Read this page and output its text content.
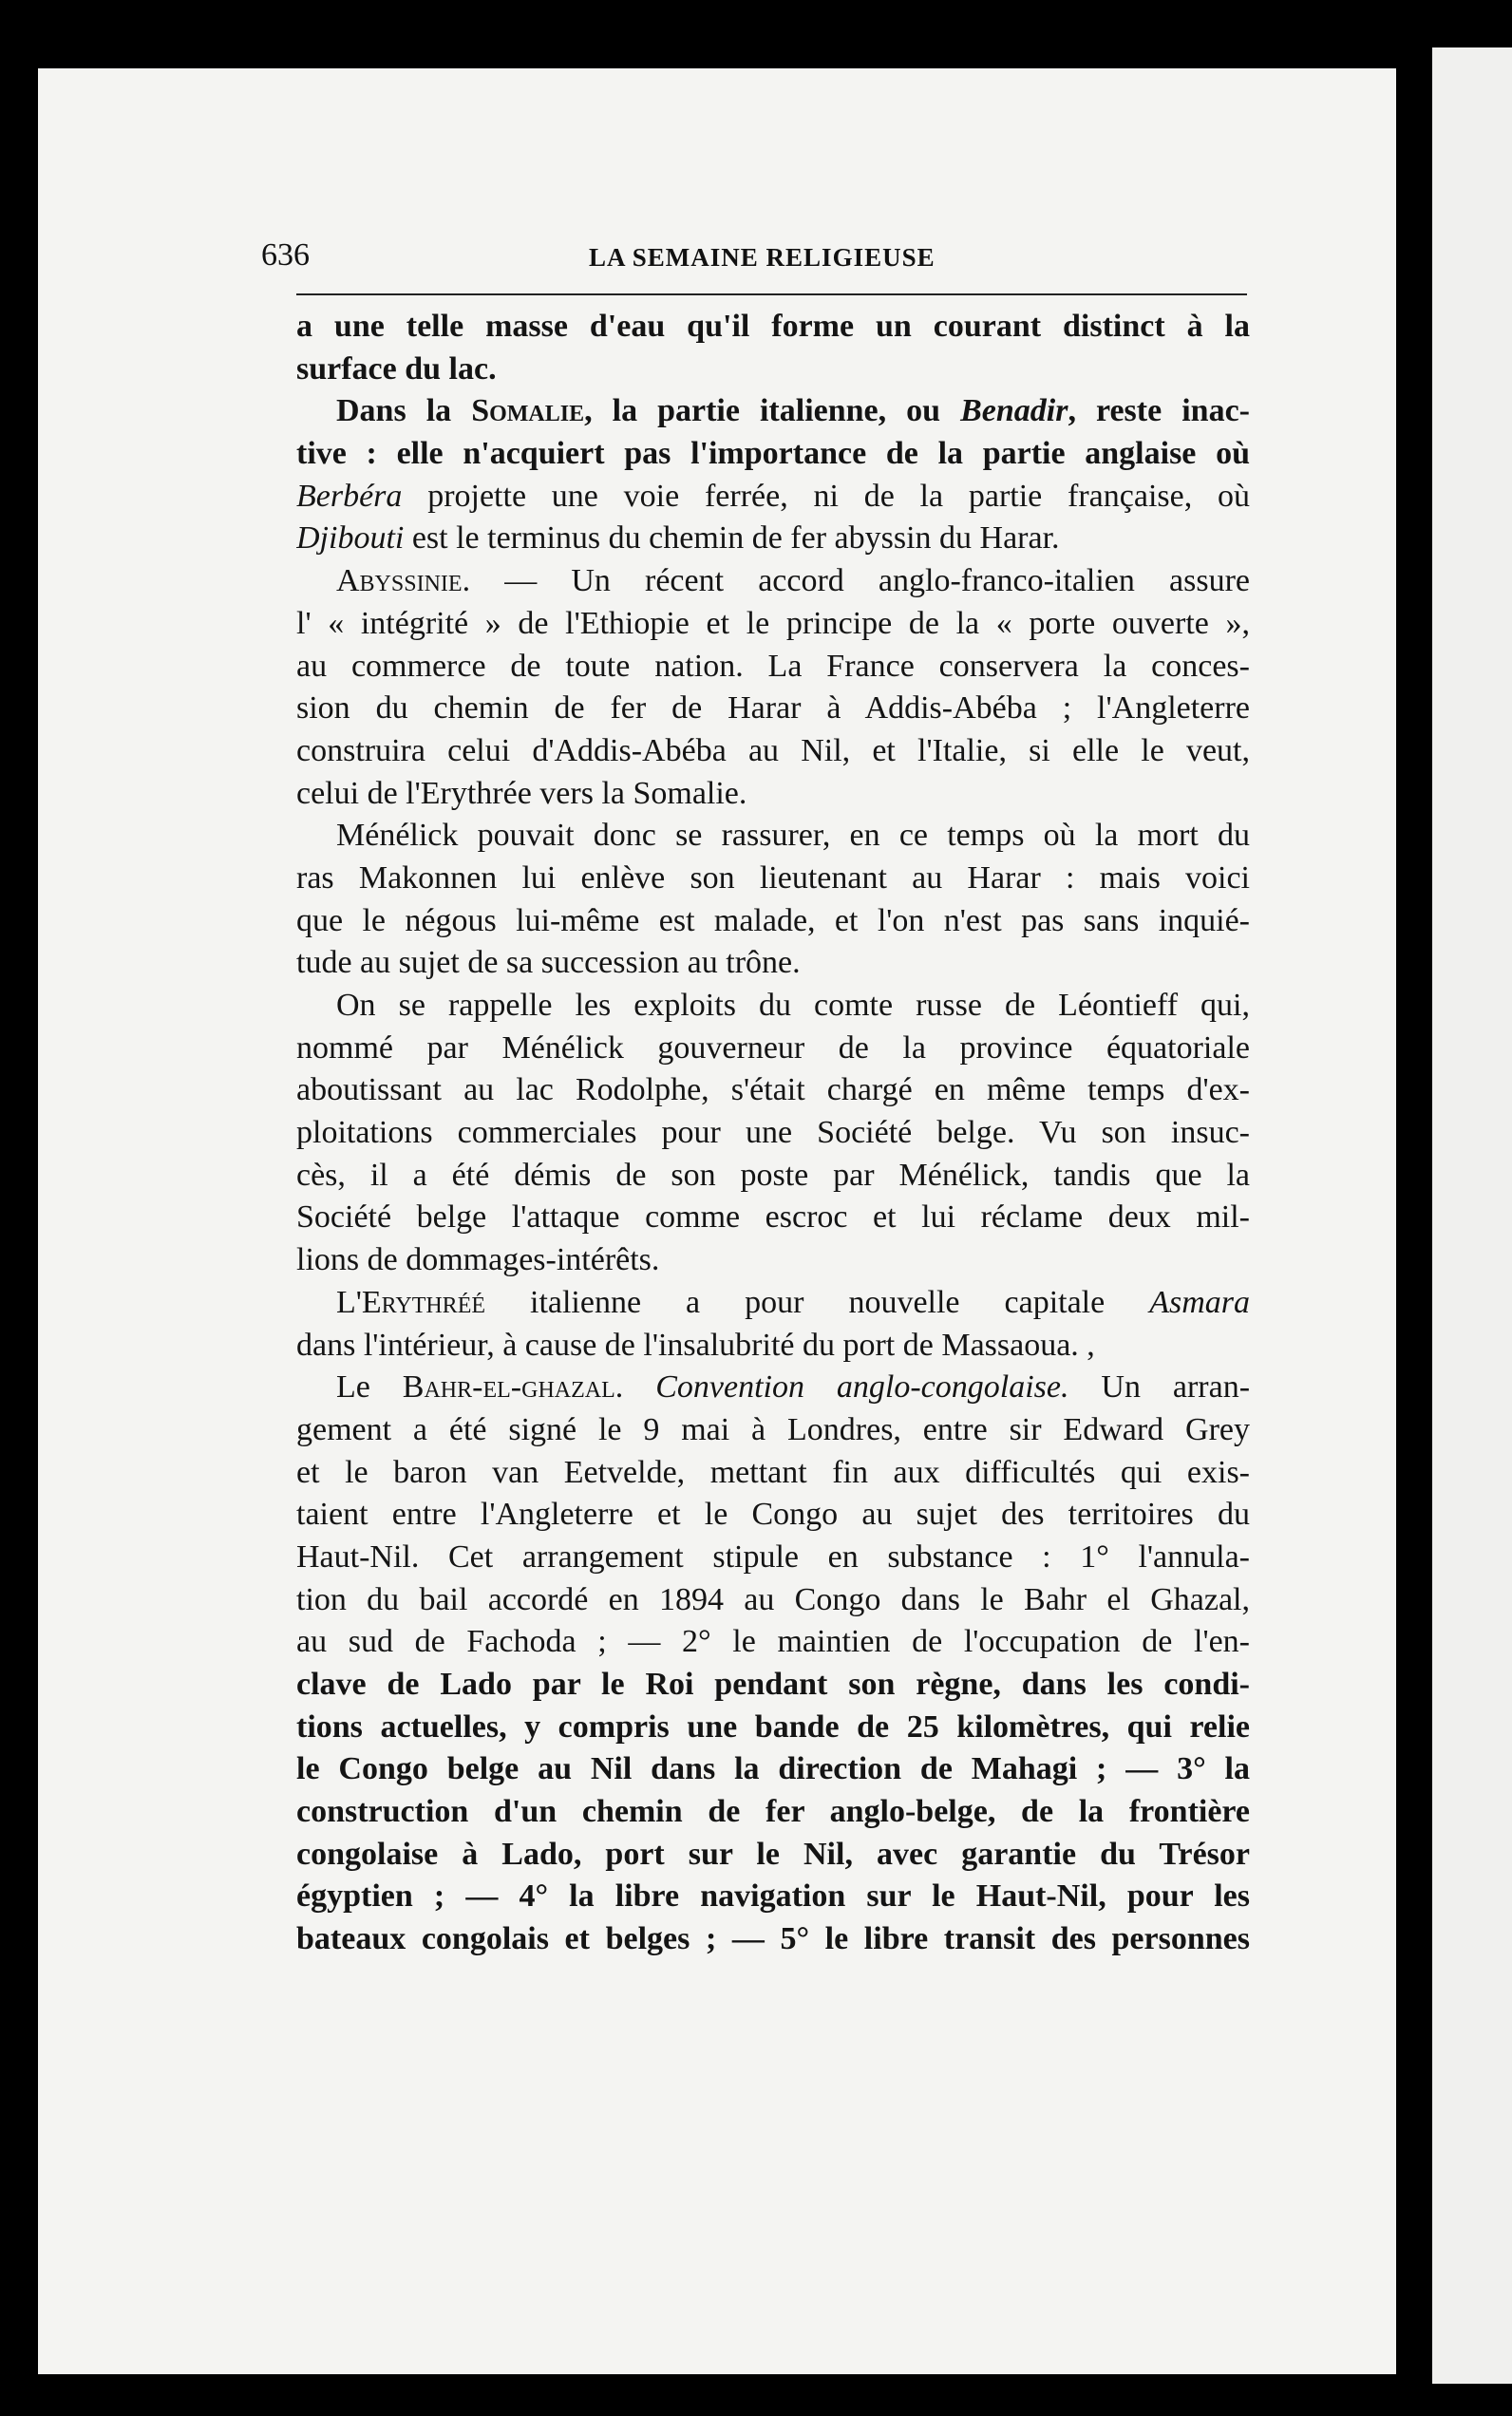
636	LA SEMAINE RELIGIEUSE
a une telle masse d'eau qu'il forme un courant distinct à la
surface du lac.
Dans la Somalie, la partie italienne, ou Benadir, reste inac-
tive : elle n'acquiert pas l'importance de la partie anglaise où
Berbéra projette une voie ferrée, ni de la partie française, où
Djibouti est le terminus du chemin de fer abyssin du Harar.
Abyssinie. — Un récent accord anglo-franco-italien assure
l' « intégrité » de l'Ethiopie et le principe de la « porte ouverte »,
au commerce de toute nation. La France conservera la conces-
sion du chemin de fer de Harar à Addis-Abéba ; l'Angleterre
construira celui d'Addis-Abéba au Nil, et l'Italie, si elle le veut,
celui de l'Erythrée vers la Somalie.
Ménélick pouvait donc se rassurer, en ce temps où la mort du
ras Makonnen lui enlève son lieutenant au Harar : mais voici
que le négous lui-même est malade, et l'on n'est pas sans inquié-
tude au sujet de sa succession au trône.
On se rappelle les exploits du comte russe de Léontieff qui,
nommé par Ménélick gouverneur de la province équatoriale
aboutissant au lac Rodolphe, s'était chargé en même temps d'ex-
ploitations commerciales pour une Société belge. Vu son insuc-
cès, il a été démis de son poste par Ménélick, tandis que la
Société belge l'attaque comme escroc et lui réclame deux mil-
lions de dommages-intérêts.
L'Erythréé italienne a pour nouvelle capitale Asmara
dans l'intérieur, à cause de l'insalubrité du port de Massaoua. ,
Le Bahr-el-ghazal. Convention anglo-congolaise. Un arran-
gement a été signé le 9 mai à Londres, entre sir Edward Grey
et le baron van Eetvelde, mettant fin aux difficultés qui exis-
taient entre l'Angleterre et le Congo au sujet des territoires du
Haut-Nil. Cet arrangement stipule en substance : 1° l'annula-
tion du bail accordé en 1894 au Congo dans le Bahr el Ghazal,
au sud de Fachoda ; — 2° le maintien de l'occupation de l'en-
clave de Lado par le Roi pendant son règne, dans les condi-
tions actuelles, y compris une bande de 25 kilomètres, qui relie
le Congo belge au Nil dans la direction de Mahagi ; — 3° la
construction d'un chemin de fer anglo-belge, de la frontière
congolaise à Lado, port sur le Nil, avec garantie du Trésor
égyptien ; — 4° la libre navigation sur le Haut-Nil, pour les
bateaux congolais et belges ; — 5° le libre transit des personnes
